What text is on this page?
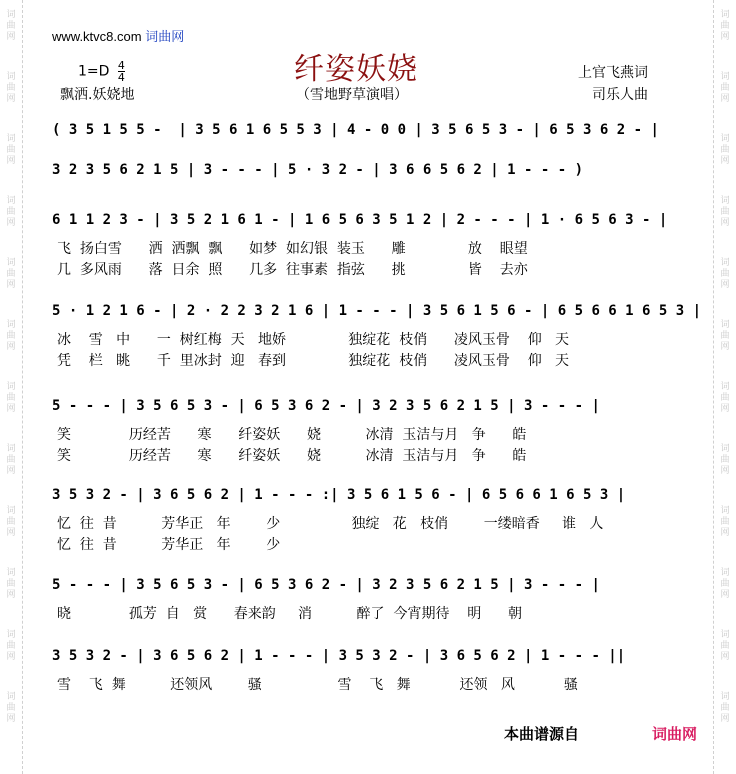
www.ktvc8.com 词曲网
纤姿妖娆
$1=D \frac{4}{4}$
飘洒.妖娆地	（雪地野草演唱）
上官飞燕词
司乐人曲
( 3 5 1 5 5 -  | 3 5 6 1 6 5 5 3 | 4 - 0 0 | 3 5 6 5 3 - | 6 5 3 6 2 - |
3 2 3 5 6 2 1 5 | 3 - - - | 5 · 3 2 - | 3 6 6 5 6 2 | 1 - - - )
6 1 1 2 3 - | 3 5 2 1 6 1 - | 1 6 5 6 3 5 1 2 | 2 - - - | 1 · 6 5 6 3 - |
飞  扬白雪      洒  洒飘  飘      如梦  如幻银  装玉      雕              放    眼望
几  多风雨      落  日余  照      几多  往事素  指弦      挑              皆    去亦
5 · 1 2 1 6 - | 2 · 2 2 3 2 1 6 | 1 - - - | 3 5 6 1 5 6 - | 6 5 6 6 1 6 5 3 |
冰    雪   中      一  树红梅  天   地娇              独绽花  枝俏      凌风玉骨    仰   天
凭    栏   眺      千  里冰封  迎   春到              独绽花  枝俏      凌风玉骨    仰   天
5 - - - | 3 5 6 5 3 - | 6 5 3 6 2 - | 3 2 3 5 6 2 1 5 | 3 - - - |
笑             历经苦      寒      纤姿妖      娆          冰清  玉洁与月   争      皓
笑             历经苦      寒      纤姿妖      娆          冰清  玉洁与月   争      皓
3 5 3 2 - | 3 6 5 6 2 | 1 - - - :| 3 5 6 1 5 6 - | 6 5 6 6 1 6 5 3 |
忆  往  昔          芳华正   年        少                独绽   花   枝俏        一缕暗香     谁   人
忆  往  昔          芳华正   年        少
5 - - - | 3 5 6 5 3 - | 6 5 3 6 2 - | 3 2 3 5 6 2 1 5 | 3 - - - |
晓             孤芳  自   赏      春来韵     消          醉了  今宵期待    明      朝
3 5 3 2 - | 3 6 5 6 2 | 1 - - - | 3 5 3 2 - | 3 6 5 6 2 | 1 - - - ||
雪    飞  舞          还领风        骚                 雪    飞   舞           还领   风           骚
本曲谱源自	词曲网
词
曲
网
词
曲
网
词
曲
网
词
曲
网
词
曲
网
词
曲
网
词
曲
网
词
曲
网
词
曲
网
词
曲
网
词
曲
网
词
曲
网
词
曲
网
词
曲
网
词
曲
网
词
曲
网
词
曲
网
词
曲
网
词
曲
网
词
曲
网
词
曲
网
词
曲
网
词
曲
网
词
曲
网
